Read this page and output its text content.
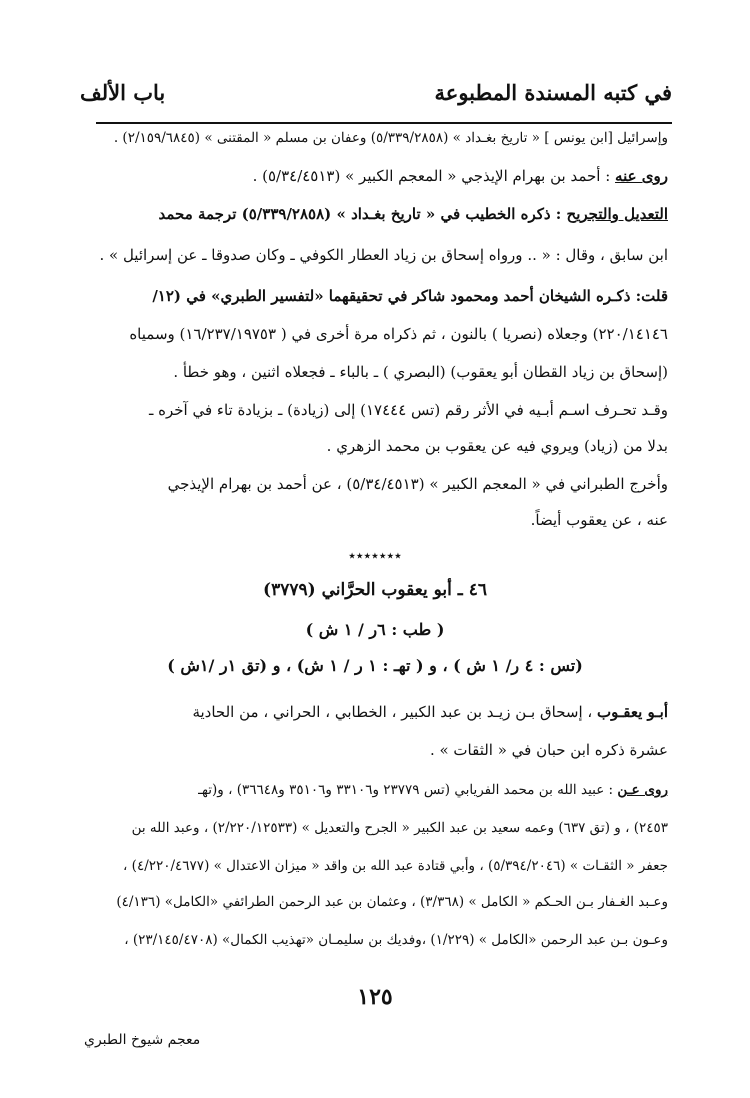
في كتبه المسندة المطبوعة
باب الألف
وإسرائيل [ابن يونس ] « تاريخ بغـداد » (٥/٣٣٩/٢٨٥٨) وعفان بن مسلم « المقتنى » (٢/١٥٩/٦٨٤٥) .
روى عنه : أحمد بن بهرام الإيذجي « المعجم الكبير » (٥/٣٤/٤٥١٣) .
التعديل والتجريح : ذكره الخطيب في « تاريخ بغـداد » (٥/٣٣٩/٢٨٥٨) ترجمة محمد
ابن سابق ، وقال : « .. ورواه إسحاق بن زياد العطار الكوفي ـ وكان صدوقا ـ عن إسرائيل » .
قلت: ذكـره الشيخان أحمد ومحمود شاكر في تحقيقهما «لتفسير الطبري» في (١٢/
٢٢٠/١٤١٤٦) وجعلاه (نصريا ) بالنون ، ثم ذكراه مرة أخرى في ( ١٦/٢٣٧/١٩٧٥٣) وسمياه
(إسحاق بن زياد القطان أبو يعقوب) (البصري ) ـ بالباء ـ فجعلاه اثنين ، وهو خطأ .
وقـد تحـرف اسـم أبـيه في الأثر رقم (تس ١٧٤٤٤) إلى (زيادة) ـ بزيادة تاء في آخره ـ
بدلا من (زياد) ويروي فيه عن يعقوب بن محمد الزهري .
وأخرج الطبراني في « المعجم الكبير » (٥/٣٤/٤٥١٣) ، عن أحمد بن بهرام الإيذجي
عنه ، عن يعقوب أيضاً.
٭٭٭٭٭٭٭
٤٦ ـ أبو يعقوب الحرَّاني (٣٧٧٩)
( طب : ٦ر / ١ ش )
(تس : ٤ ر/ ١ ش ) ، و ( تهـ : ١ ر / ١ ش) ، و (تق ١ر /١ش )
أبـو يعقـوب ، إسحاق بـن زيـد بن عبد الكبير ، الخطابي ، الحراني ، من الحادية
عشرة ذكره ابن حبان في « الثقات » .
روى عـن : عبيد الله بن محمد الفريابي (تس ٢٣٧٧٩ و٣٣١٠٦ و٣٥١٠٦ و٣٦٦٤٨) ، و(تهـ
٢٤٥٣) ، و (تق ٦٣٧) وعمه سعيد بن عبد الكبير « الجرح والتعديل » (٢/٢٢٠/١٢٥٣٣) ، وعبد الله بن
جعفر « الثقـات » (٥/٣٩٤/٢٠٤٦) ، وأبي قتادة عبد الله بن واقد « ميزان الاعتدال » (٤/٢٢٠/٤٦٧٧) ،
وعـبد الغـفار بـن الحـكم « الكامل » (٣/٣٦٨) ، وعثمان بن عبد الرحمن الطرائفي «الكامل» (٤/١٣٦)
وعـون بـن عبد الرحمن «الكامل » (١/٢٢٩) ،وفديك بن سليمـان «تهذيب الكمال» (٢٣/١٤٥/٤٧٠٨) ،
١٢٥
معجم شيوخ الطبري
